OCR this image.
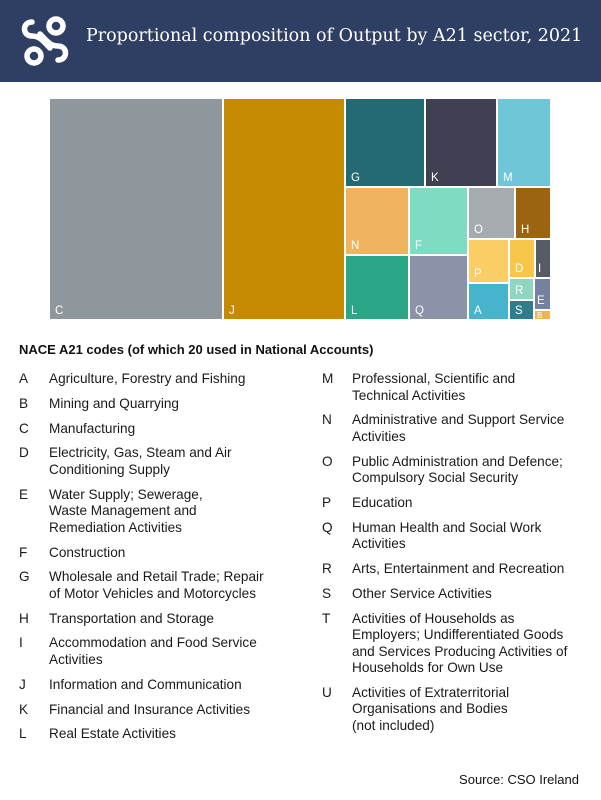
Proportional composition of Output by A21 sector, 2021
C	J
G	K	M
N
L
F
Q
O	H
P
A
D I
R
S
E
B
NACE A21 codes (of which 20 used in National Accounts)
A Agriculture, Forestry and Fishing
B Mining and Quarrying
C Manufacturing
D Electricity, Gas, Steam and Air
Conditioning Supply
E Water Supply; Sewerage,
Waste Management and
Remediation Activities
F Construction
G Wholesale and Retail Trade; Repair
of Motor Vehicles and Motorcycles
H Transportation and Storage
I Accommodation and Food Service
Activities
J Information and Communication
K Financial and Insurance Activities
L Real Estate Activities
M Professional, Scientific and
Technical Activities
N Administrative and Support Service
Activities
O Public Administration and Defence;
Compulsory Social Security
P Education
Q Human Health and Social Work
Activities
R Arts, Entertainment and Recreation
S Other Service Activities
T Activities of Households as
Employers; Undifferentiated Goods
and Services Producing Activities of
Households for Own Use
U Activities of Extraterritorial
Organisations and Bodies
(not included)
Source: CSO Ireland
